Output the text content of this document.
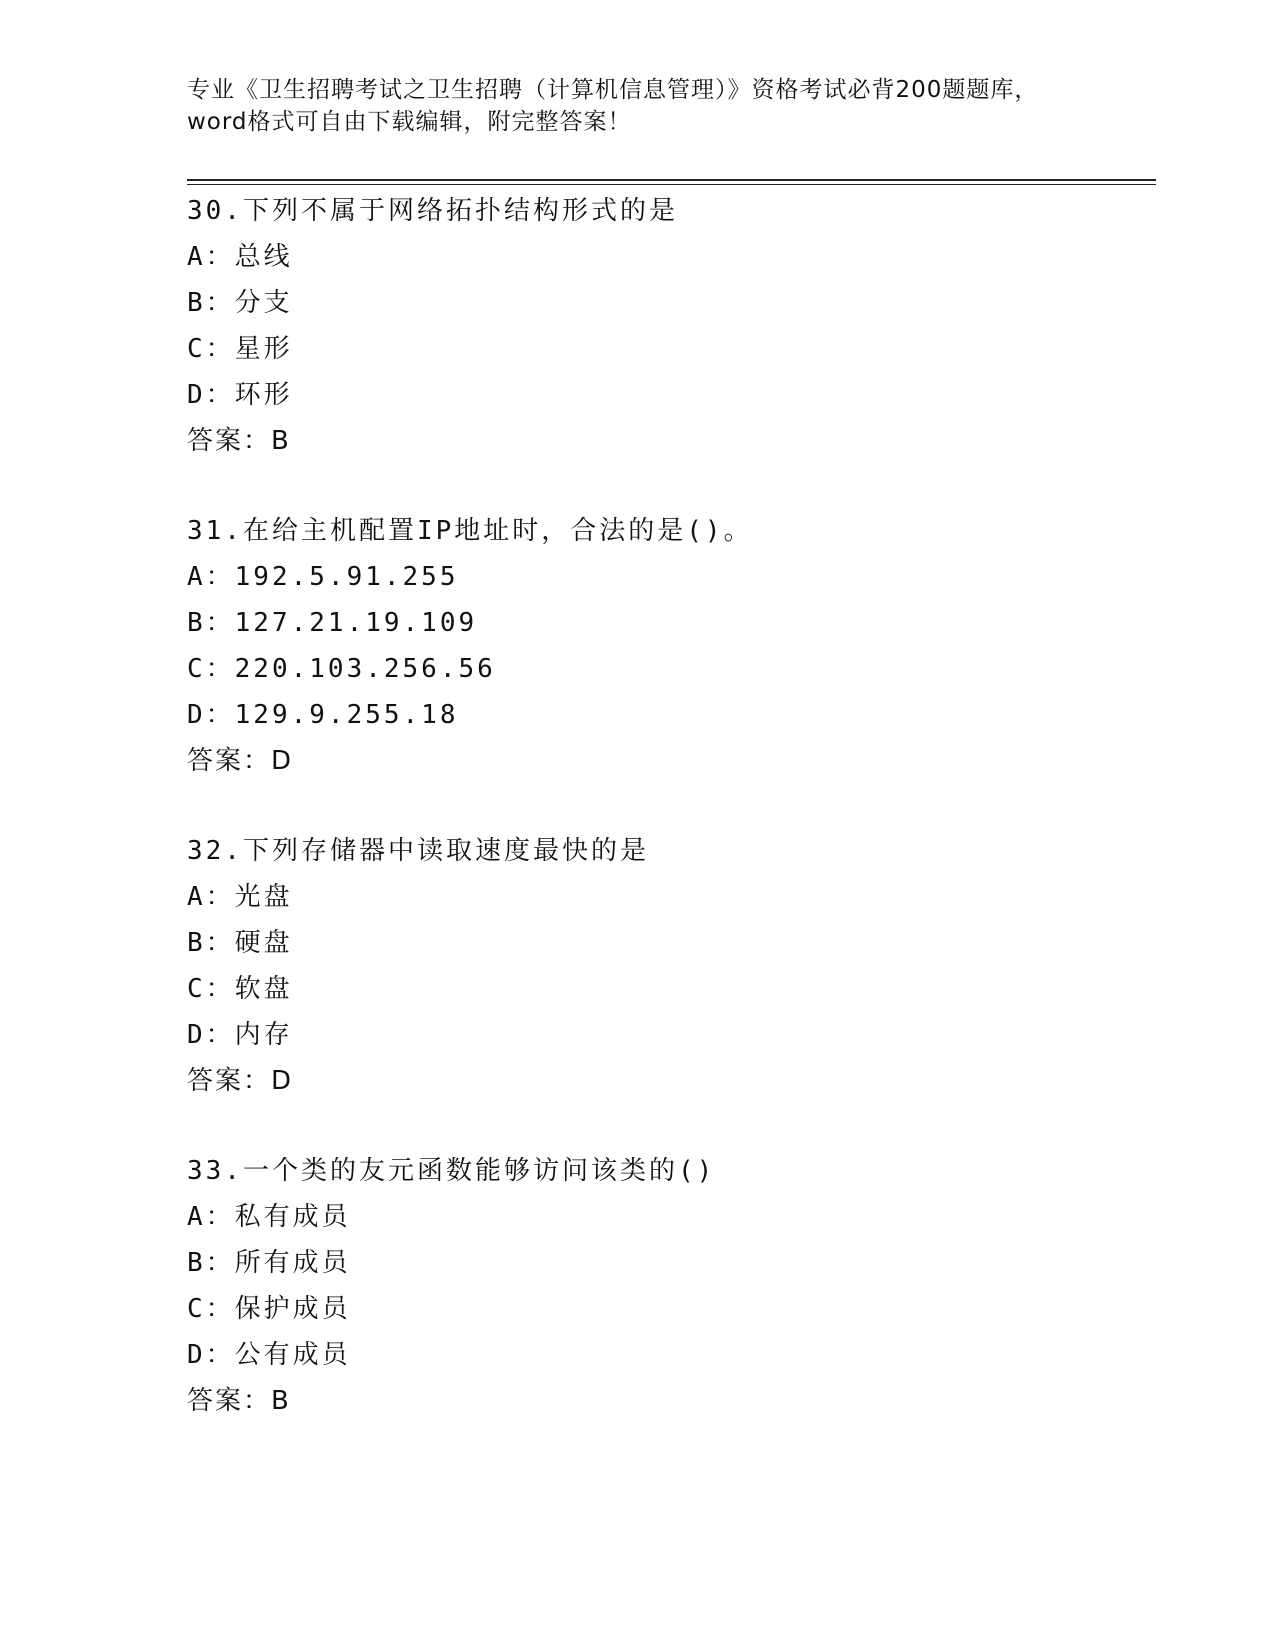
专业《卫生招聘考试之卫生招聘（计算机信息管理）》资格考试必背200题题库，
word格式可自由下载编辑，附完整答案！
30.下列不属于网络拓扑结构形式的是
A：总线
B：分支
C：星形
D：环形
答案：B
31.在给主机配置IP地址时，合法的是()。
A：192.5.91.255
B：127.21.19.109
C：220.103.256.56
D：129.9.255.18
答案：D
32.下列存储器中读取速度最快的是
A：光盘
B：硬盘
C：软盘
D：内存
答案：D
33.一个类的友元函数能够访问该类的()
A：私有成员
B：所有成员
C：保护成员
D：公有成员
答案：B
